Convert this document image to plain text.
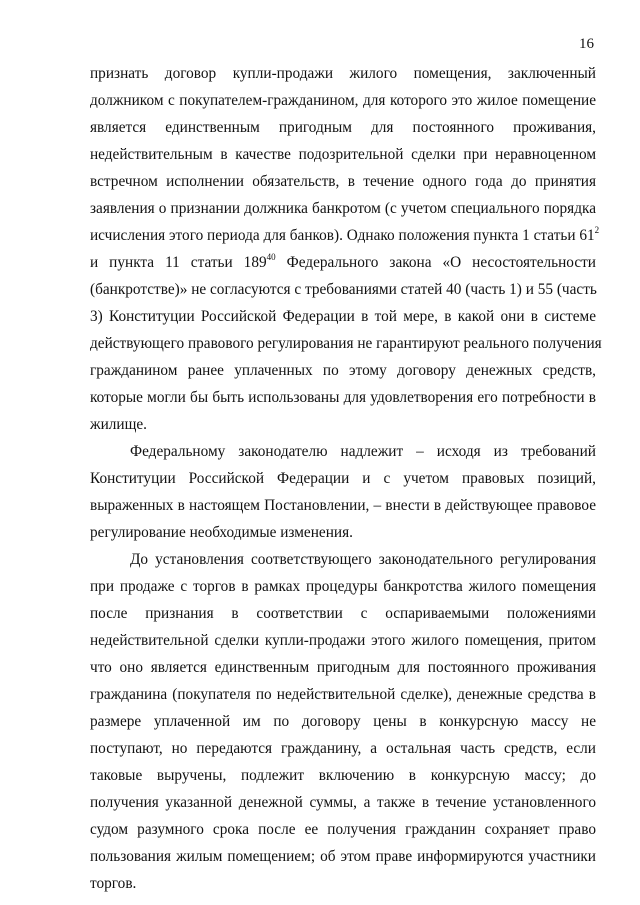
16
признать договор купли-продажи жилого помещения, заключенный
должником с покупателем-гражданином, для которого это жилое помещение
является единственным пригодным для постоянного проживания,
недействительным в качестве подозрительной сделки при неравноценном
встречном исполнении обязательств, в течение одного года до принятия
заявления о признании должника банкротом (с учетом специального порядка
исчисления этого периода для банков). Однако положения пункта 1 статьи $61^2$
и пункта 11 статьи $189^{40}$ Федерального закона «О несостоятельности
(банкротстве)» не согласуются с требованиями статей 40 (часть 1) и 55 (часть
3) Конституции Российской Федерации в той мере, в какой они в системе
действующего правового регулирования не гарантируют реального получения
гражданином ранее уплаченных по этому договору денежных средств,
которые могли бы быть использованы для удовлетворения его потребности в
жилище.
Федеральному законодателю надлежит – исходя из требований
Конституции Российской Федерации и с учетом правовых позиций,
выраженных в настоящем Постановлении, – внести в действующее правовое
регулирование необходимые изменения.
До установления соответствующего законодательного регулирования
при продаже с торгов в рамках процедуры банкротства жилого помещения
после признания в соответствии с оспариваемыми положениями
недействительной сделки купли-продажи этого жилого помещения, притом
что оно является единственным пригодным для постоянного проживания
гражданина (покупателя по недействительной сделке), денежные средства в
размере уплаченной им по договору цены в конкурсную массу не
поступают, но передаются гражданину, а остальная часть средств, если
таковые выручены, подлежит включению в конкурсную массу; до
получения указанной денежной суммы, а также в течение установленного
судом разумного срока после ее получения гражданин сохраняет право
пользования жилым помещением; об этом праве информируются участники
торгов.
